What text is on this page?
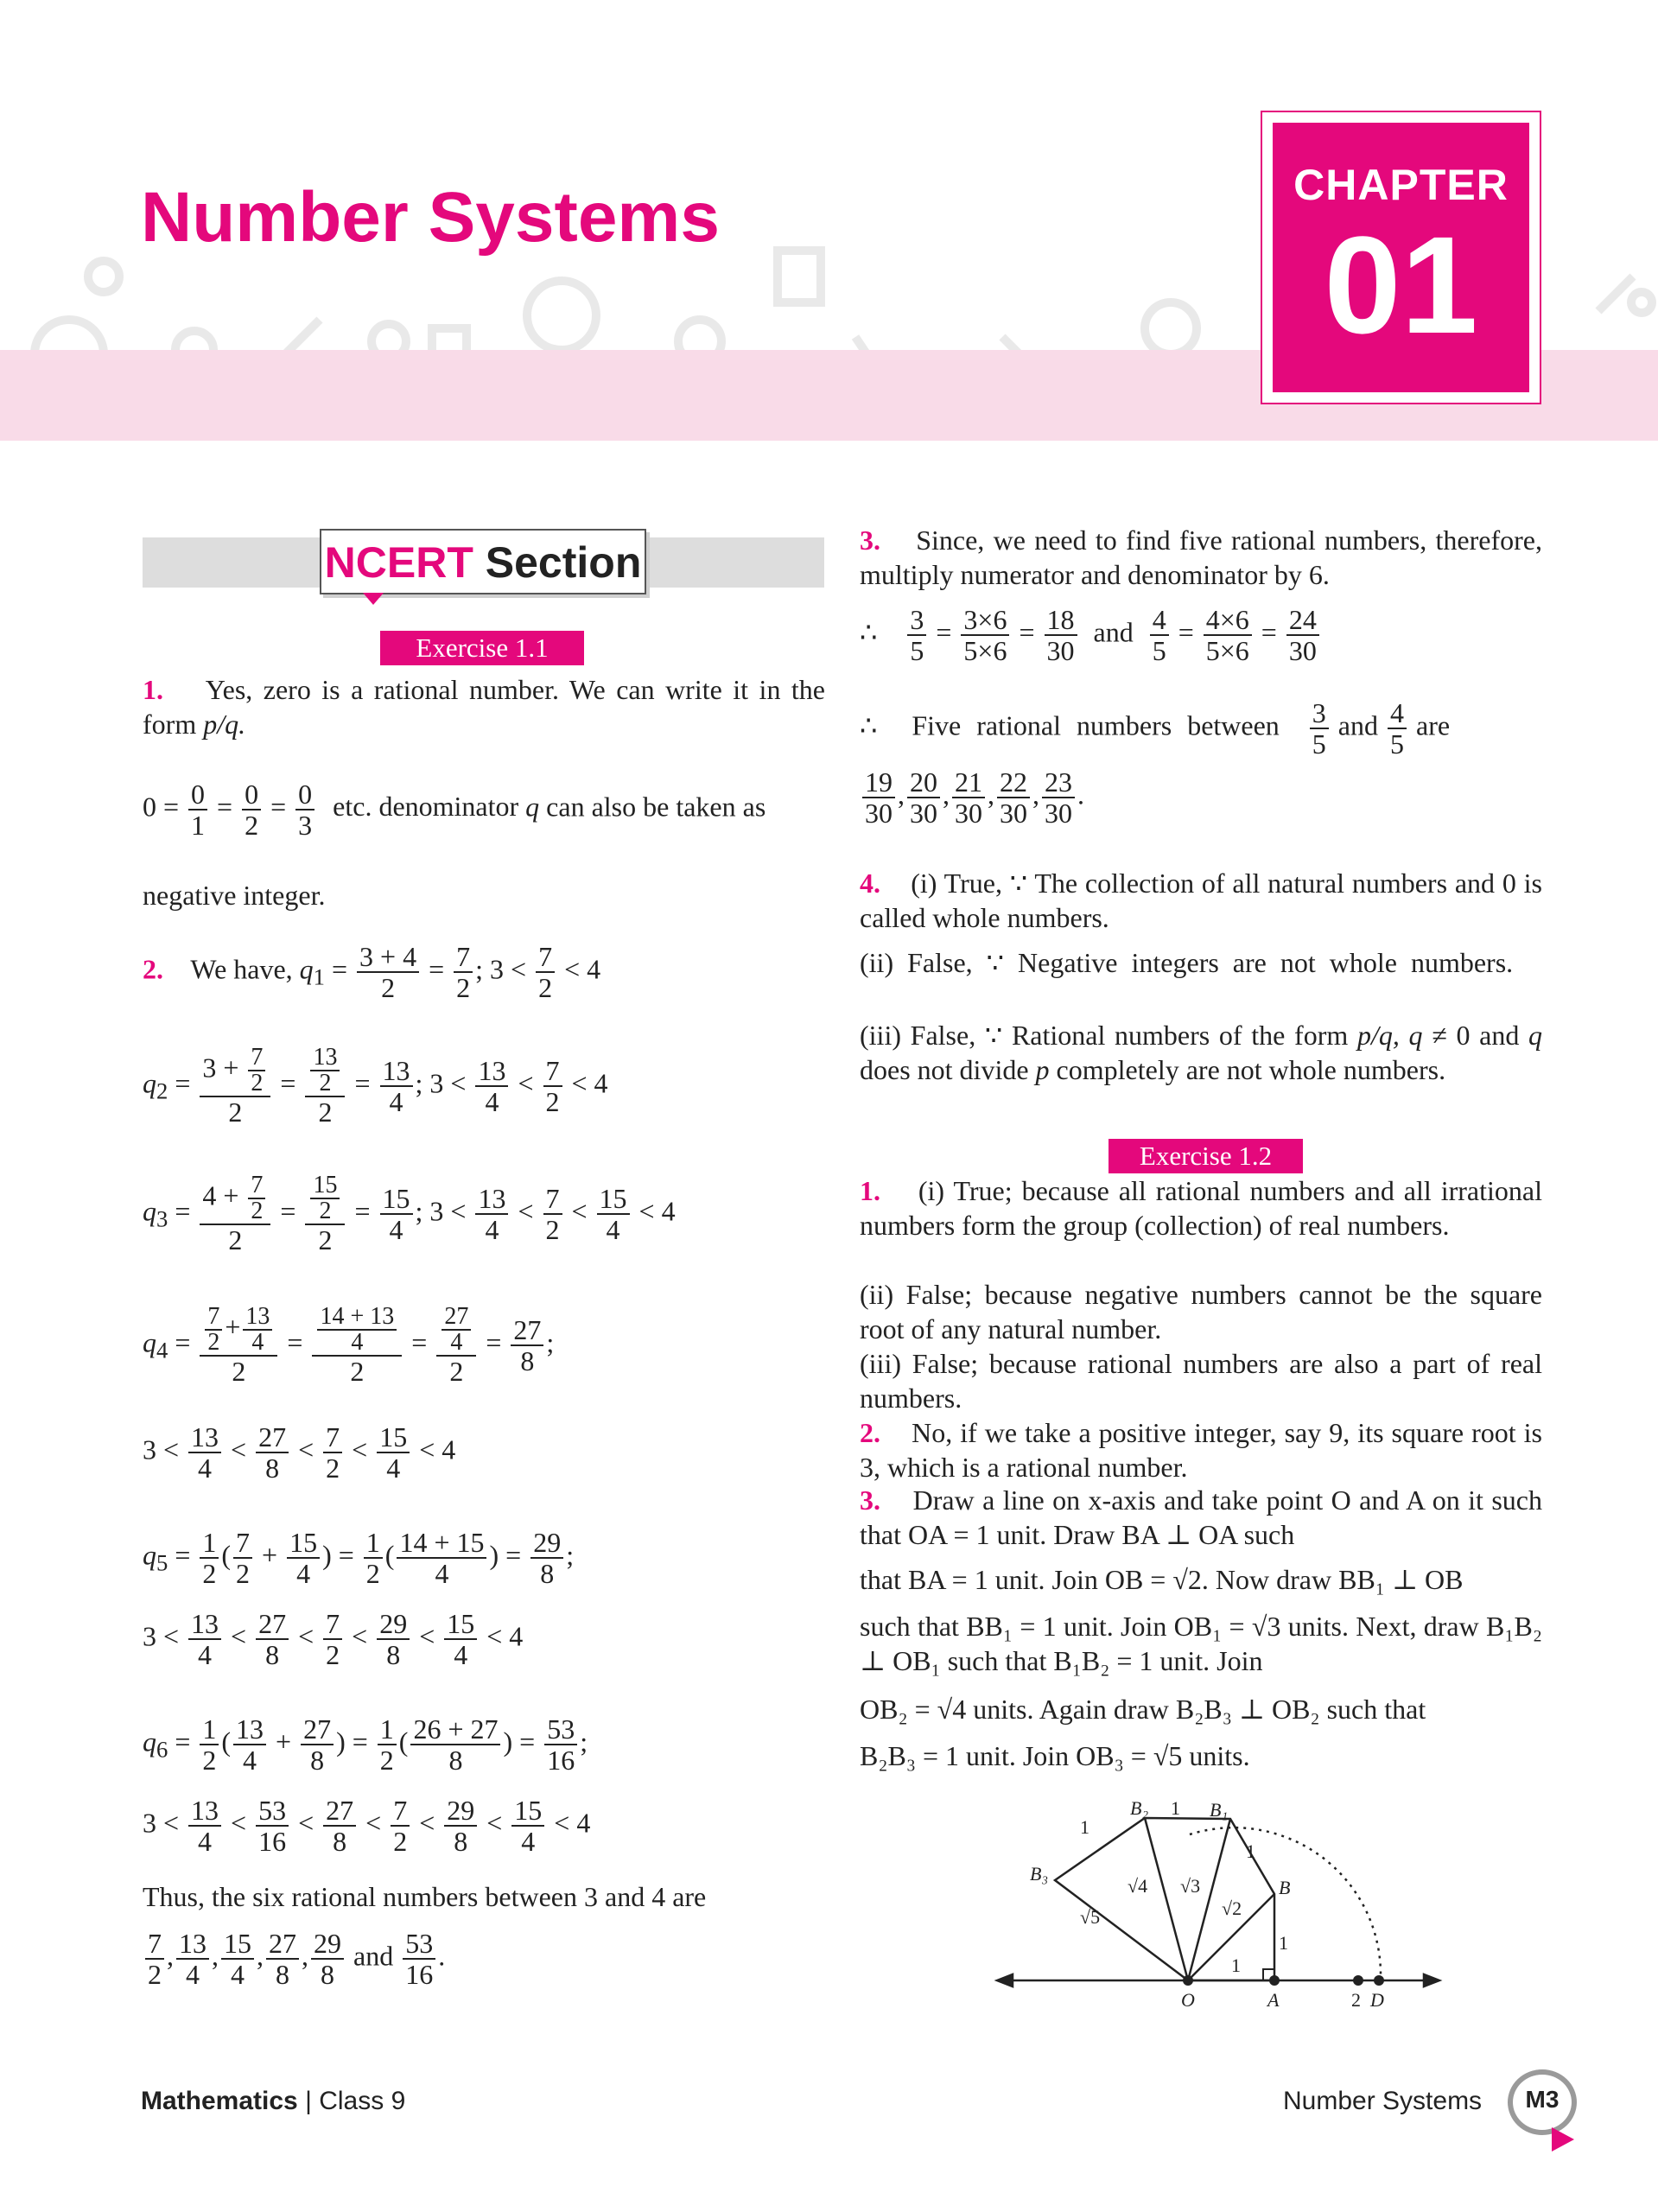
Number Systems	CHAPTER
01
NCERT Section
Exercise 1.1
1. Yes, zero is a rational number. We can write it in the form p/q.
$0 = \frac{0}{1} = \frac{0}{2} = \frac{0}{3}$ etc. denominator q can also be taken as
negative integer.
2. We have, $q_1 = \frac{3 + 4}{2} = \frac{7}{2}$ ; $3 < \frac{7}{2} < 4$
$q_2 = \frac{3 + \frac{7}{2}}{2} = \frac{\frac{13}{2}}{2} = \frac{13}{4}$ ; $3 < \frac{13}{4} < \frac{7}{2} < 4$
$q_3 = \frac{4 + \frac{7}{2}}{2} = \frac{\frac{15}{2}}{2} = \frac{15}{4}$ ; $3 < \frac{13}{4} < \frac{7}{2} < \frac{15}{4} < 4$
$q_4 = \frac{\frac{7}{2} + \frac{13}{4}}{2} = \frac{\frac{14 + 13}{4}}{2} = \frac{\frac{27}{4}}{2} = \frac{27}{8}$ ;
$3 < \frac{13}{4} < \frac{27}{8} < \frac{7}{2} < \frac{15}{4} < 4$
$q_5 = \frac{1}{2}$ ( $\frac{7}{2} + \frac{15}{4}$ ) = $\frac{1}{2}$ ( $\frac{14 + 15}{4}$ ) = $\frac{29}{8}$ ;
$3 < \frac{13}{4} < \frac{27}{8} < \frac{7}{2} < \frac{29}{8} < \frac{15}{4} < 4$
$q_6 = \frac{1}{2}$ ( $\frac{13}{4} + \frac{27}{8}$ ) = $\frac{1}{2}$ ( $\frac{26 + 27}{8}$ ) = $\frac{53}{16}$ ;
$3 < \frac{13}{4} < \frac{53}{16} < \frac{27}{8} < \frac{7}{2} < \frac{29}{8} < \frac{15}{4} < 4$
Thus, the six rational numbers between 3 and 4 are
$\frac{7}{2}$ , $\frac{13}{4}$ , $\frac{15}{4}$ , $\frac{27}{8}$ , $\frac{29}{8}$ and $\frac{53}{16}$ .
3. Since, we need to find five rational numbers, therefore, multiply numerator and denominator by 6.
∴ $\frac{3}{5} = \frac{3\times 6}{5\times 6} = \frac{18}{30}$ and $\frac{4}{5} = \frac{4\times 6}{5\times 6} = \frac{24}{30}$
∴ Five rational numbers between $\frac{3}{5}$ and $\frac{4}{5}$ are
$\frac{19}{30}$ , $\frac{20}{30}$ , $\frac{21}{30}$ , $\frac{22}{30}$ , $\frac{23}{30}$ .
4. (i) True, ∵ The collection of all natural numbers and 0 is called whole numbers.
(ii) False, ∵ Negative integers are not whole numbers.
(iii) False, ∵ Rational numbers of the form p/q, q ≠ 0 and q does not divide p completely are not whole numbers.
Exercise 1.2
1. (i) True; because all rational numbers and all irrational numbers form the group (collection) of real numbers.
(ii) False; because negative numbers cannot be the square root of any natural number.
(iii) False; because rational numbers are also a part of real numbers.
2. No, if we take a positive integer, say 9, its square root is 3, which is a rational number.
3. Draw a line on x-axis and take point O and A on it such that OA = 1 unit. Draw BA ⊥ OA such
that BA = 1 unit. Join OB = √2. Now draw BB₁ ⊥ OB
such that BB₁ = 1 unit. Join OB₁ = √3 units. Next, draw B₁B₂ ⊥ OB₁ such that B₁B₂ = 1 unit. Join
OB₂ = √4 units. Again draw B₂B₃ ⊥ OB₂ such that
B₂B₃ = 1 unit. Join OB₃ = √5 units.
B₂ 1 B₁
B₃
1
1
B
√4 √3
√2
√5
1
1
O	A	2 D
Mathematics | Class 9	Number Systems	M3
